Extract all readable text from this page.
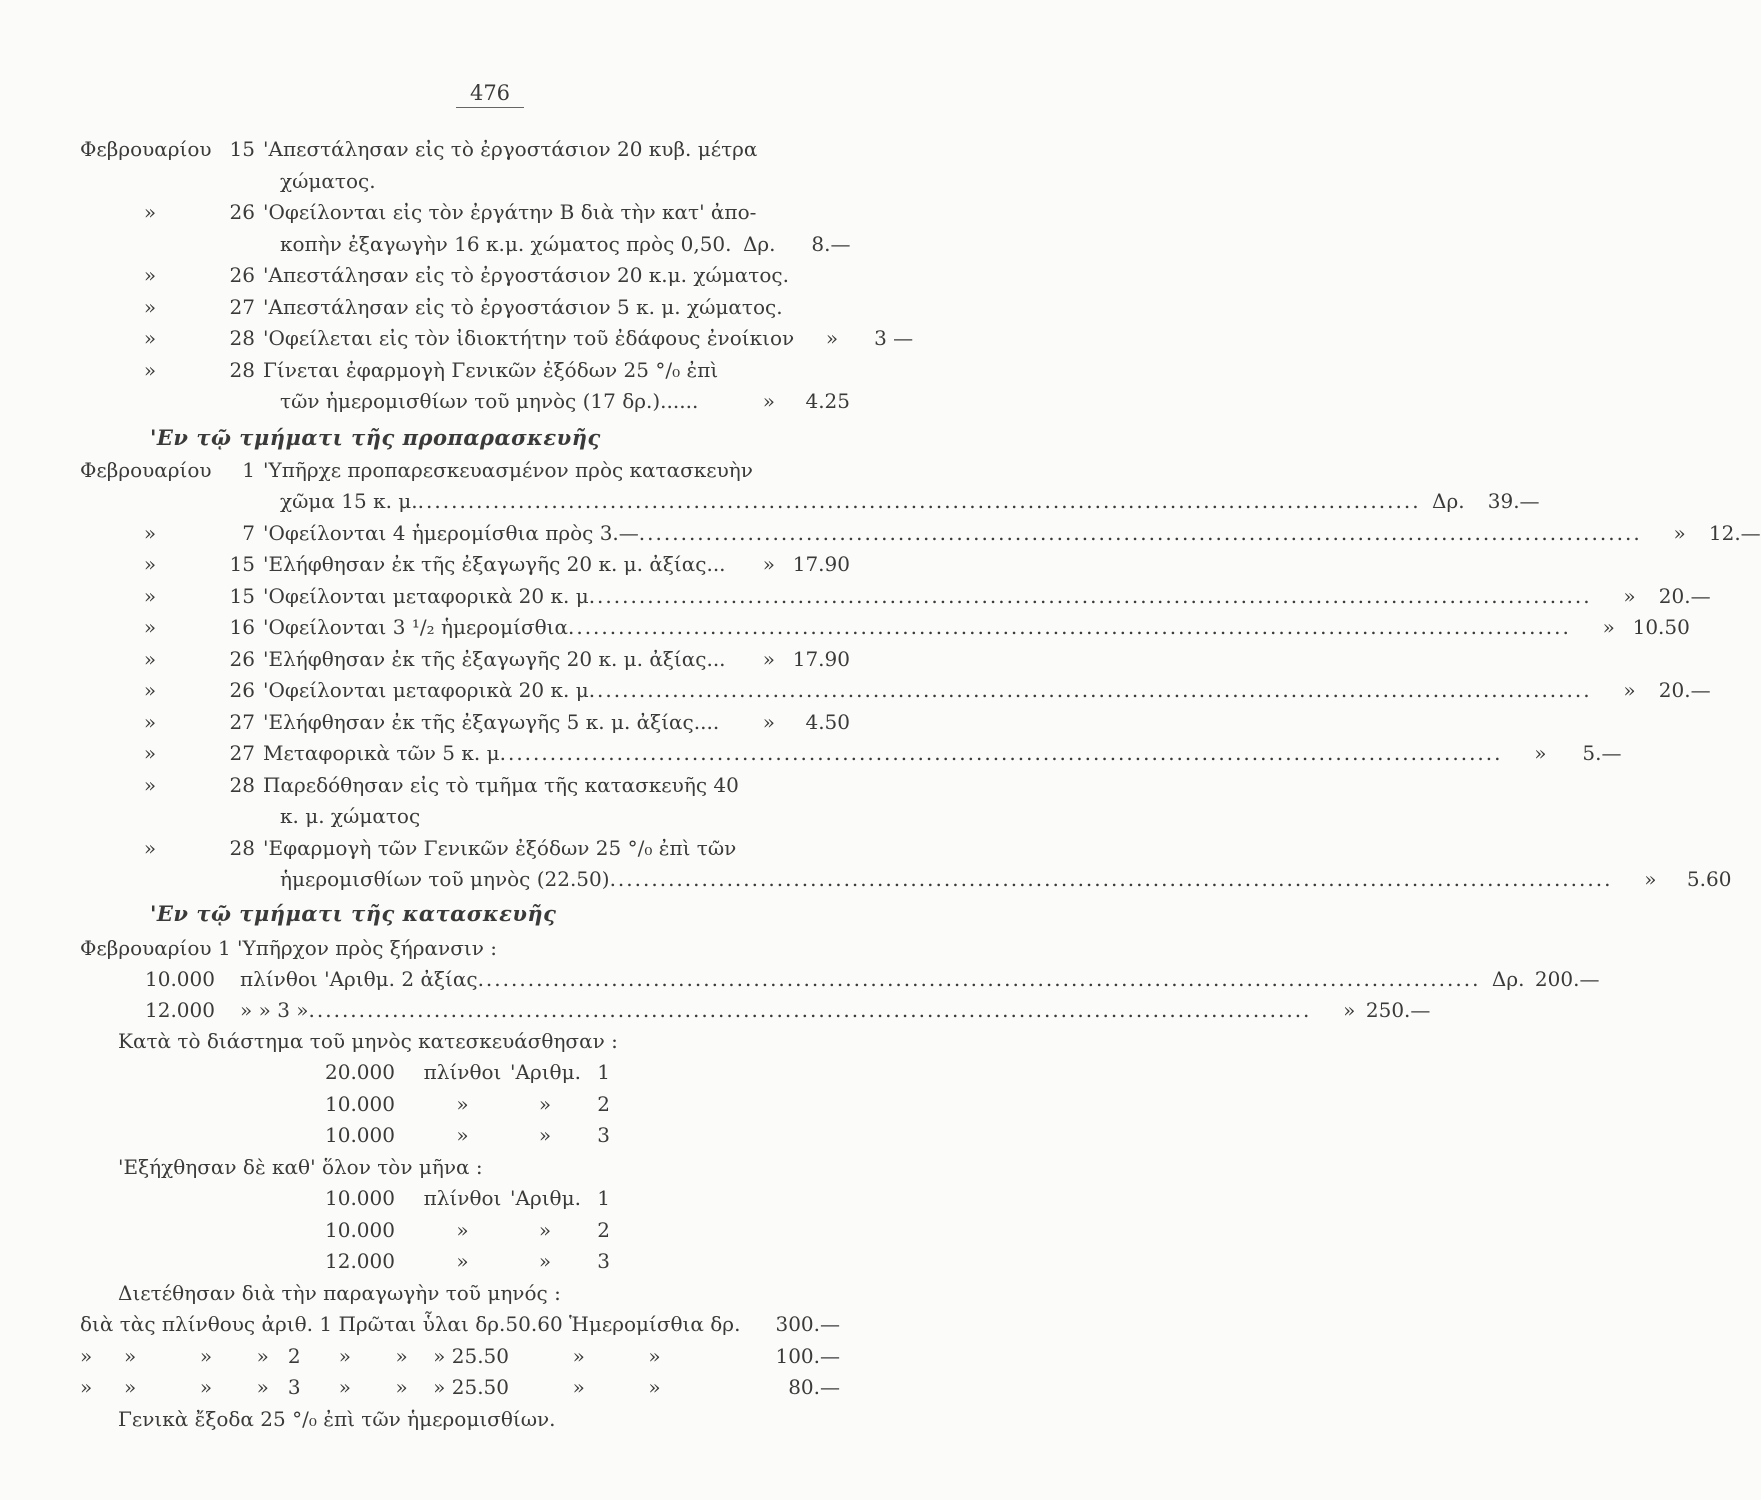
476
Φεβρουαρίου 15 'Απεστάλησαν εἰς τὸ ἐργοστάσιον 20 κυβ. μέτρα
χώματος.
»	26 'Οφείλονται εἰς τὸν ἐργάτην Β διὰ τὴν κατ' ἀπο-
κοπὴν ἐξαγωγὴν 16 κ.μ. χώματος πρὸς 0,50. Δρ.	8.—
»	26 'Απεστάλησαν εἰς τὸ ἐργοστάσιον 20 κ.μ. χώματος.
»	27 'Απεστάλησαν εἰς τὸ ἐργοστάσιον 5 κ. μ. χώματος.
»	28 'Οφείλεται εἰς τὸν ἰδιοκτήτην τοῦ ἐδάφους ἐνοίκιον	»	3 —
»	28 Γίνεται ἐφαρμογὴ Γενικῶν ἐξόδων 25 °/₀ ἐπὶ
τῶν ἡμερομισθίων τοῦ μηνὸς (17 δρ.)......	»	4.25
'Εν τῷ τμήματι τῆς προπαρασκευῆς
Φεβρουαρίου	1 'Υπῆρχε προπαρεσκευασμένον πρὸς κατασκευὴν
χῶμα 15 κ. μ. ........................................................................................................................ Δρ.	39.—
»	7 'Οφείλονται 4 ἡμερομίσθια πρὸς 3.— ........................................................................................................................	»	12.—
»	15 'Ελήφθησαν ἐκ τῆς ἐξαγωγῆς 20 κ. μ. ἀξίας...	» 17.90
»	15 'Οφείλονται μεταφορικὰ 20 κ. μ ........................................................................................................................	»	20.—
»	16 'Οφείλονται 3 ¹/₂ ἡμερομίσθια ........................................................................................................................	» 10.50
»	26 'Ελήφθησαν ἐκ τῆς ἐξαγωγῆς 20 κ. μ. ἀξίας...	» 17.90
»	26 'Οφείλονται μεταφορικὰ 20 κ. μ ........................................................................................................................	»	20.—
»	27 'Ελήφθησαν ἐκ τῆς ἐξαγωγῆς 5 κ. μ. ἀξίας....	»	4.50
»	27 Μεταφορικὰ τῶν 5 κ. μ ........................................................................................................................	»	5.—
»	28 Παρεδόθησαν εἰς τὸ τμῆμα τῆς κατασκευῆς 40
κ. μ. χώματος
»	28 'Εφαρμογὴ τῶν Γενικῶν ἐξόδων 25 °/₀ ἐπὶ τῶν
ἡμερομισθίων τοῦ μηνὸς (22.50) ........................................................................................................................	»	5.60
'Εν τῷ τμήματι τῆς κατασκευῆς
Φεβρουαρίου 1 'Υπῆρχον πρὸς ξήρανσιν :
10.000	πλίνθοι 'Αριθμ. 2 ἀξίας ........................................................................................................................ Δρ. 200.—
12.000	» » 3 » ........................................................................................................................	» 250.—
Κατὰ τὸ διάστημα τοῦ μηνὸς κατεσκευάσθησαν :
20.000	πλίνθοι 'Αριθμ. 1
10.000	»	»	2
10.000	»	»	3
'Εξήχθησαν δὲ καθ' ὅλον τὸν μῆνα :
10.000	πλίνθοι 'Αριθμ. 1
10.000	»	»	2
12.000	»	»	3
Διετέθησαν διὰ τὴν παραγωγὴν τοῦ μηνός :
διὰ τὰς πλίνθους ἀριθ. 1 Πρῶται ὗλαι δρ.50.60 Ἡμερομίσθια δρ.	300.—
»     »          »       »   2      »       »    » 25.50          »          »	100.—
»     »          »       »   3      »       »    » 25.50          »          »	80.—
Γενικὰ ἔξοδα 25 °/₀ ἐπὶ τῶν ἡμερομισθίων.
